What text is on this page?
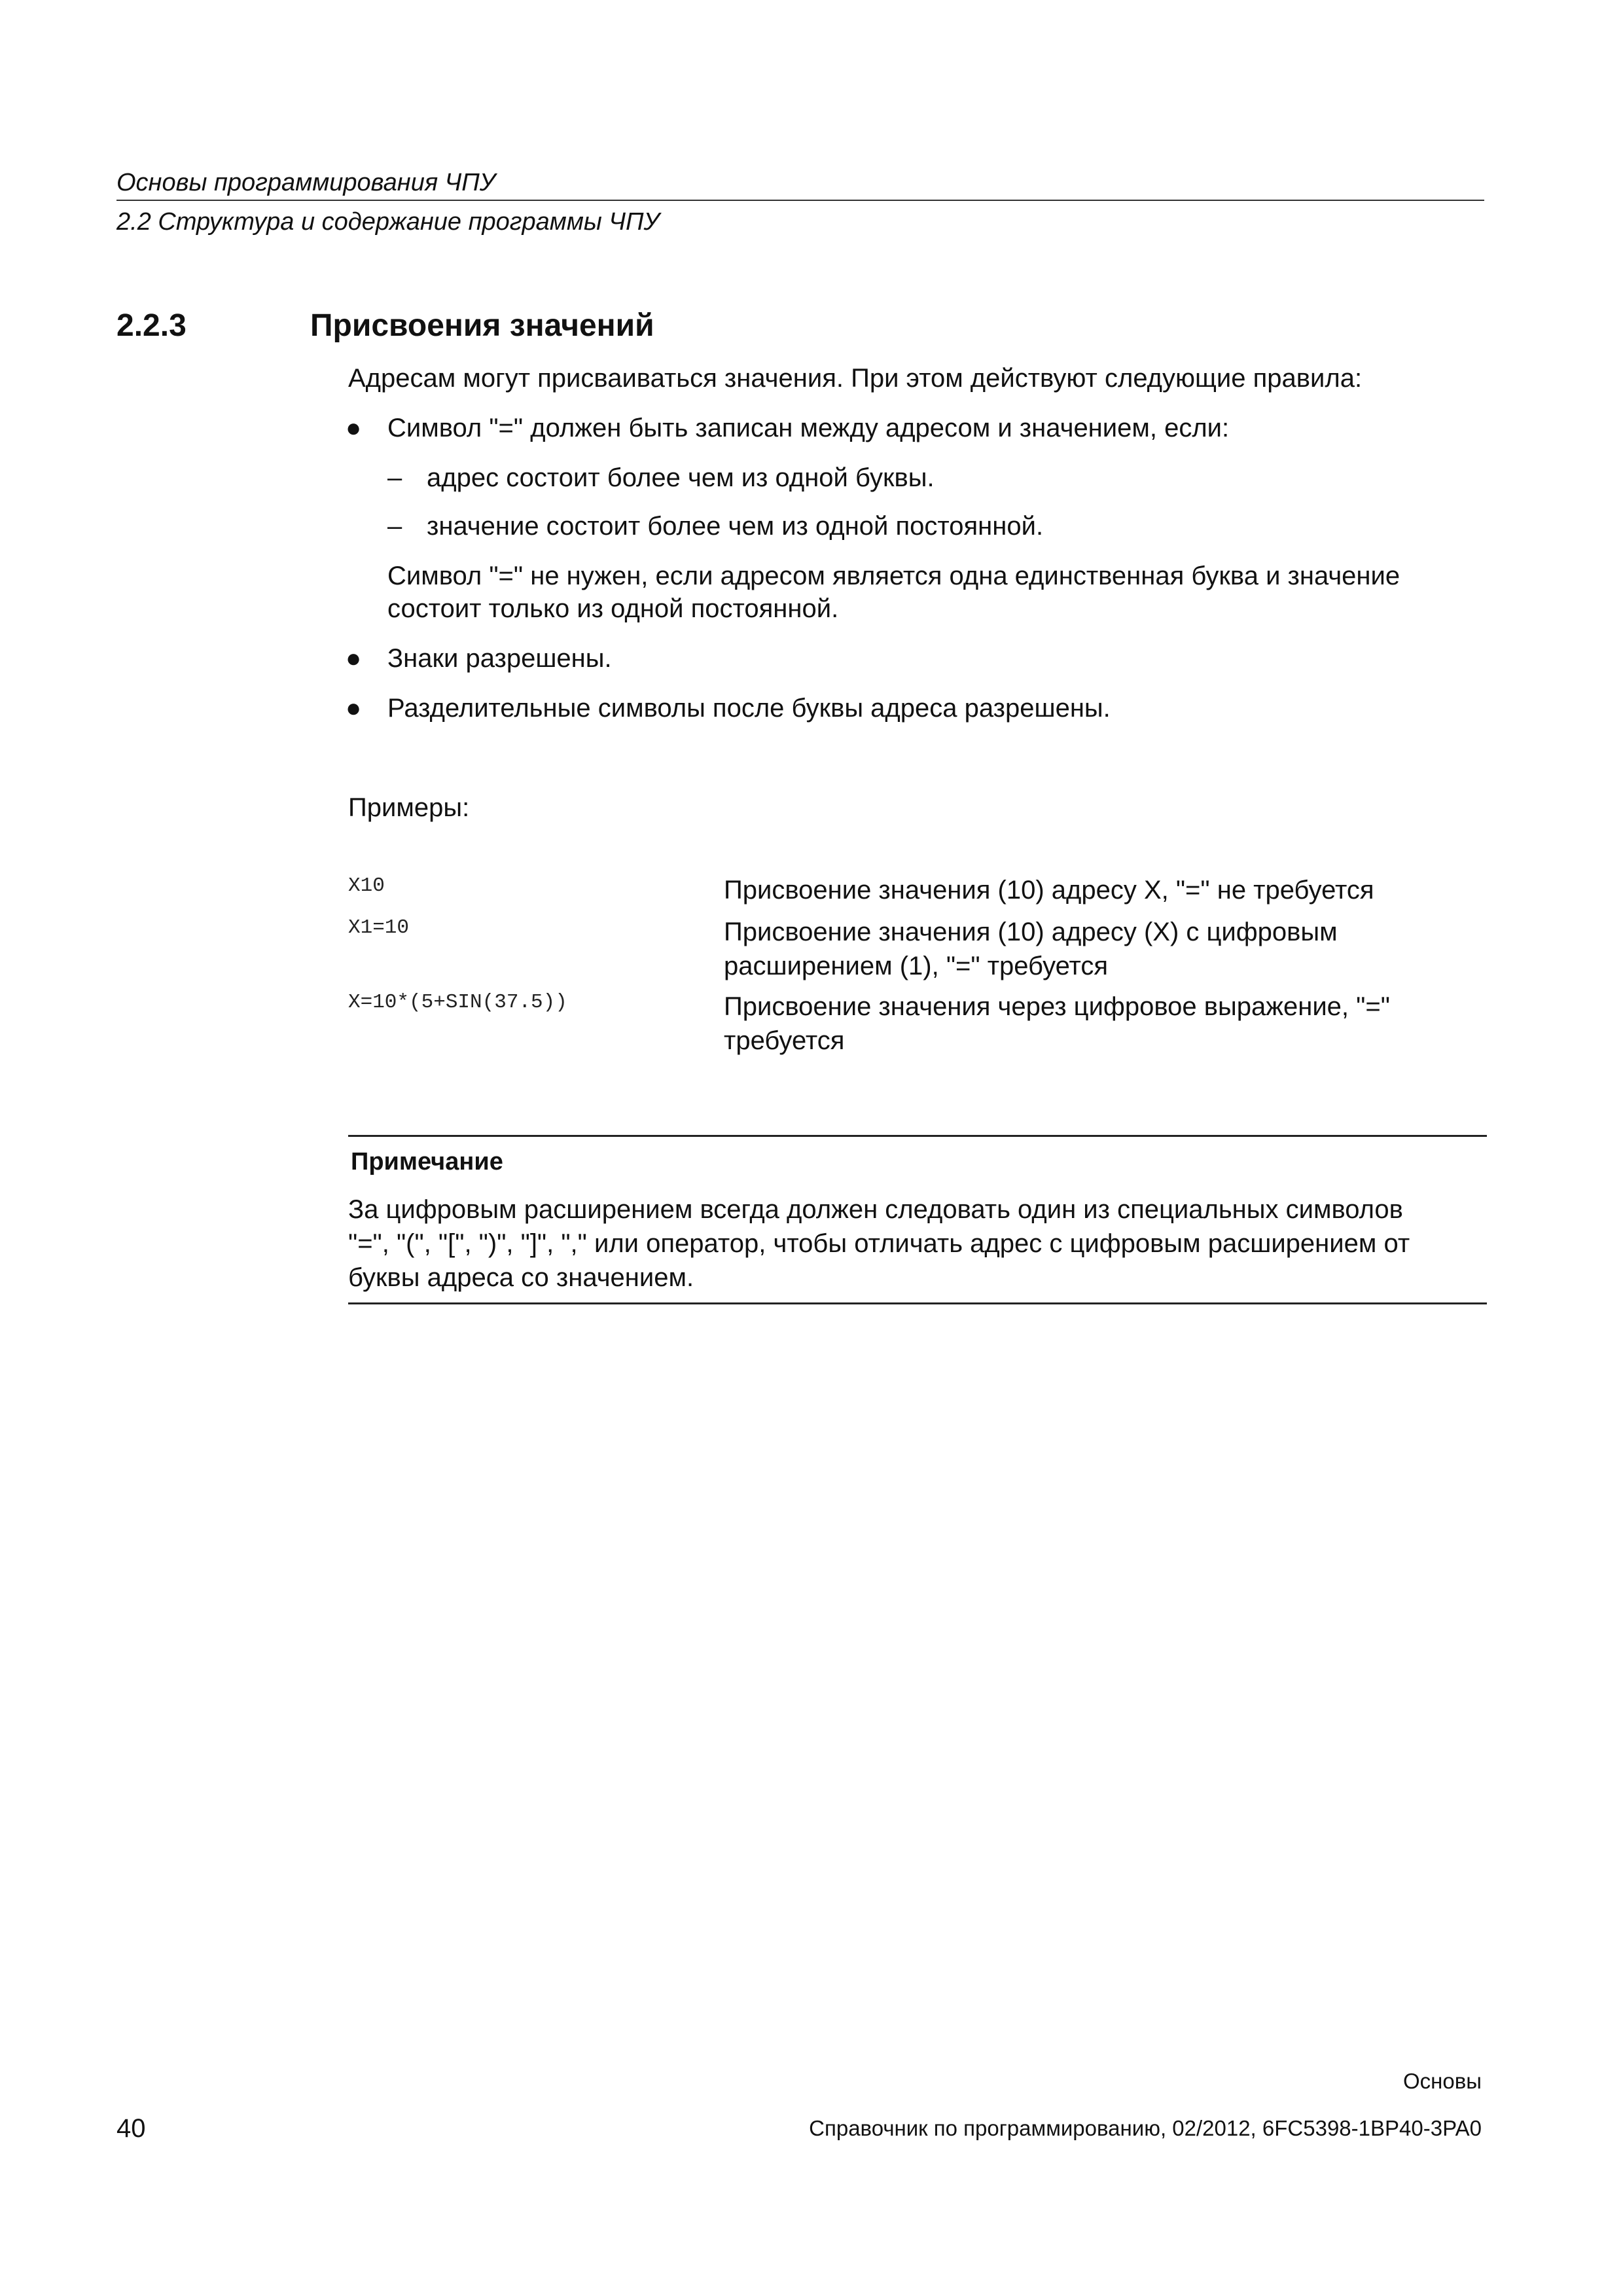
Основы программирования ЧПУ
2.2 Структура и содержание программы ЧПУ
2.2.3	Присвоения значений
Адресам могут присваиваться значения. При этом действуют следующие правила:
● Символ "=" должен быть записан между адресом и значением, если:
– адрес состоит более чем из одной буквы.
– значение состоит более чем из одной постоянной.
Символ "=" не нужен, если адресом является одна единственная буква и значение
состоит только из одной постоянной.
● Знаки разрешены.
● Разделительные символы после буквы адреса разрешены.
Примеры:
X10	Присвоение значения (10) адресу X, "=" не требуется
X1=10	Присвоение значения (10) адресу (X) с цифровым
расширением (1), "=" требуется
X=10*(5+SIN(37.5))	Присвоение значения через цифровое выражение, "="
требуется
Примечание
За цифровым расширением всегда должен следовать один из специальных символов
"=", "(", "[", ")", "]", "," или оператор, чтобы отличать адрес с цифровым расширением от
буквы адреса со значением.
Основы
40	Справочник по программированию, 02/2012, 6FC5398-1BP40-3PA0
